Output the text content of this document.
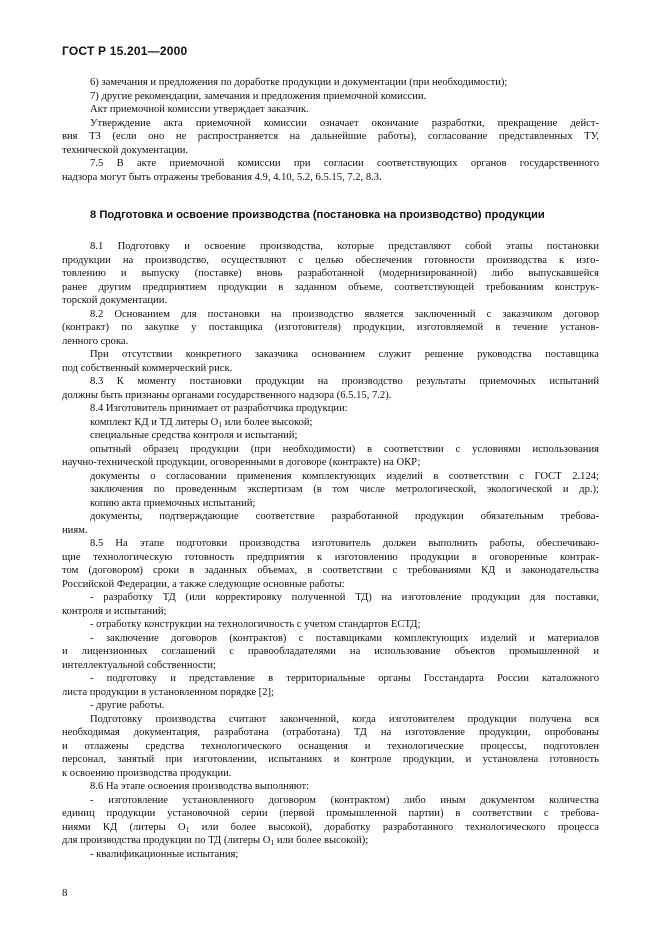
ГОСТ Р 15.201—2000
6) замечания и предложения по доработке продукции и документации (при необходимости);
7) другие рекомендации, замечания и предложения приемочной комиссии.
Акт приемочной комиссии утверждает заказчик.
Утверждение акта приемочной комиссии означает окончание разработки, прекращение дейст-
вия ТЗ (если оно не распространяется на дальнейшие работы), согласование представленных ТУ,
технической документации.
7.5 В акте приемочной комиссии при согласии соответствующих органов государственного
надзора могут быть отражены требования 4.9, 4.10, 5.2, 6.5.15, 7.2, 8.3.
8 Подготовка и освоение производства (постановка на производство) продукции
8.1 Подготовку и освоение производства, которые представляют собой этапы постановки
продукции на производство, осуществляют с целью обеспечения готовности производства к изго-
товлению и выпуску (поставке) вновь разработанной (модернизированной) либо выпускавшейся
ранее другим предприятием продукции в заданном объеме, соответствующей требованиям конструк-
торской документации.
8.2 Основанием для постановки на производство является заключенный с заказчиком договор
(контракт) по закупке у поставщика (изготовителя) продукции, изготовляемой в течение установ-
ленного срока.
При отсутствии конкретного заказчика основанием служит решение руководства поставщика
под собственный коммерческий риск.
8.3 К моменту постановки продукции на производство результаты приемочных испытаний
должны быть признаны органами государственного надзора (6.5.15, 7.2).
8.4 Изготовитель принимает от разработчика продукции:
комплект КД и ТД литеры $O_1$ или более высокой;
специальные средства контроля и испытаний;
опытный образец продукции (при необходимости) в соответствии с условиями использования
научно-технической продукции, оговоренными в договоре (контракте) на ОКР;
документы о согласовании применения комплектующих изделий в соответствии с ГОСТ 2.124;
заключения по проведенным экспертизам (в том числе метрологической, экологической и др.);
копию акта приемочных испытаний;
документы, подтверждающие соответствие разработанной продукции обязательным требова-
ниям.
8.5 На этапе подготовки производства изготовитель должен выполнить работы, обеспечиваю-
щие технологическую готовность предприятия к изготовлению продукции в оговоренные контрак-
том (договором) сроки в заданных объемах, в соответствии с требованиями КД и законодательства
Российской Федерации, а также следующие основные работы:
- разработку ТД (или корректировку полученной ТД) на изготовление продукции для поставки,
контроля и испытаний;
- отработку конструкции на технологичность с учетом стандартов ЕСТД;
- заключение договоров (контрактов) с поставщиками комплектующих изделий и материалов
и лицензионных соглашений с правообладателями на использование объектов промышленной и
интеллектуальной собственности;
- подготовку и представление в территориальные органы Госстандарта России каталожного
листа продукции в установленном порядке [2];
- другие работы.
Подготовку производства считают законченной, когда изготовителем продукции получена вся
необходимая документация, разработана (отработана) ТД на изготовление продукции, опробованы
и отлажены средства технологического оснащения и технологические процессы, подготовлен
персонал, занятый при изготовлении, испытаниях и контроле продукции, и установлена готовность
к освоению производства продукции.
8.6 На этапе освоения производства выполняют:
- изготовление установленного договором (контрактом) либо иным документом количества
единиц продукции установочной серии (первой промышленной партии) в соответствии с требова-
ниями КД (литеры $O_1$ или более высокой), доработку разработанного технологического процесса
для производства продукции по ТД (литеры $O_1$ или более высокой);
- квалификационные испытания;
8
